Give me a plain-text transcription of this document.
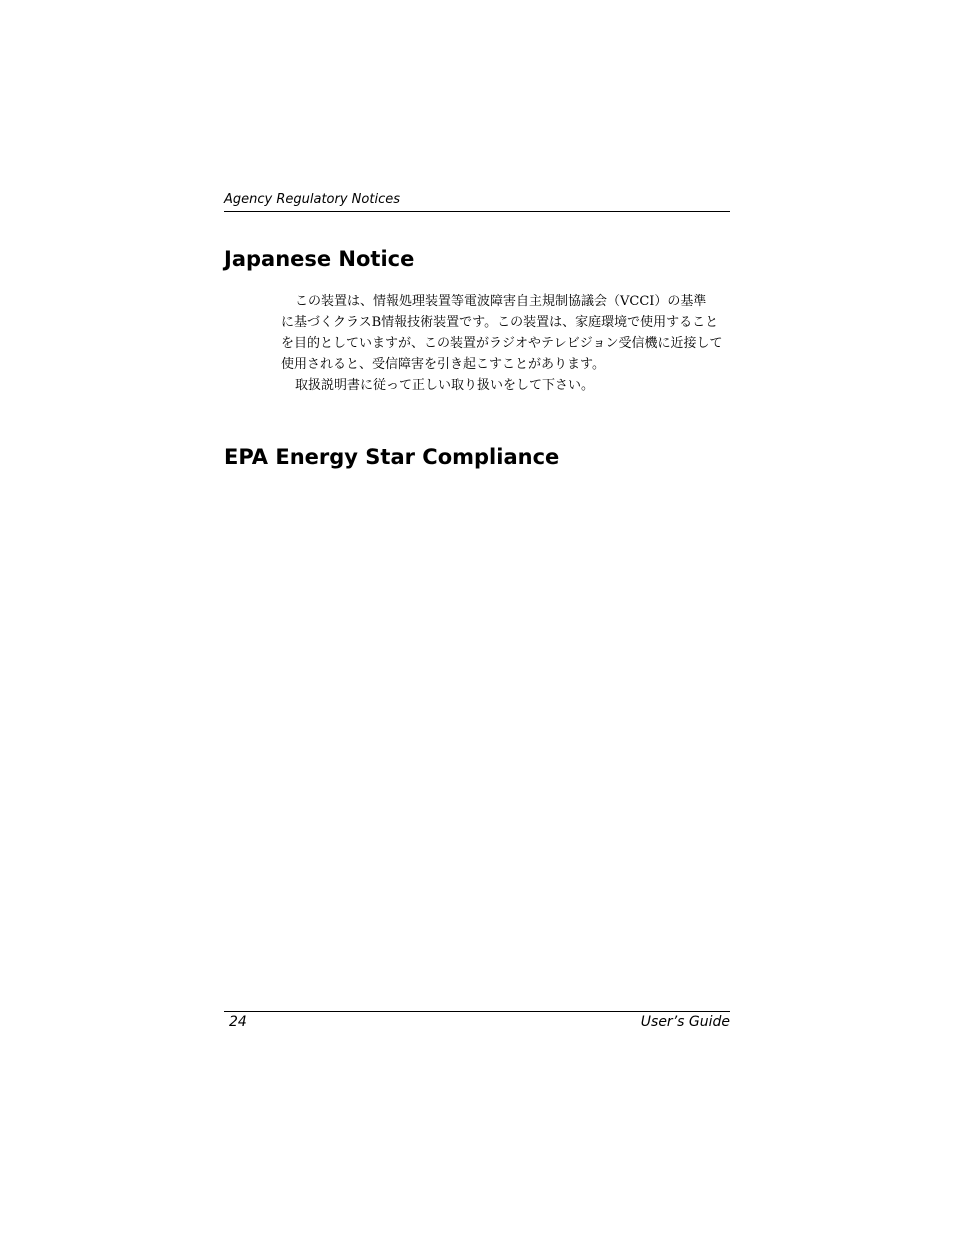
Agency Regulatory Notices
Japanese Notice
この装置は、情報処理装置等電波障害自主規制協議会（VCCI）の基準
に基づくクラスB情報技術装置です。この装置は、家庭環境で使用すること
を目的としていますが、この装置がラジオやテレビジョン受信機に近接して
使用されると、受信障害を引き起こすことがあります。
取扱説明書に従って正しい取り扱いをして下さい。
EPA Energy Star Compliance
24	User’s Guide
